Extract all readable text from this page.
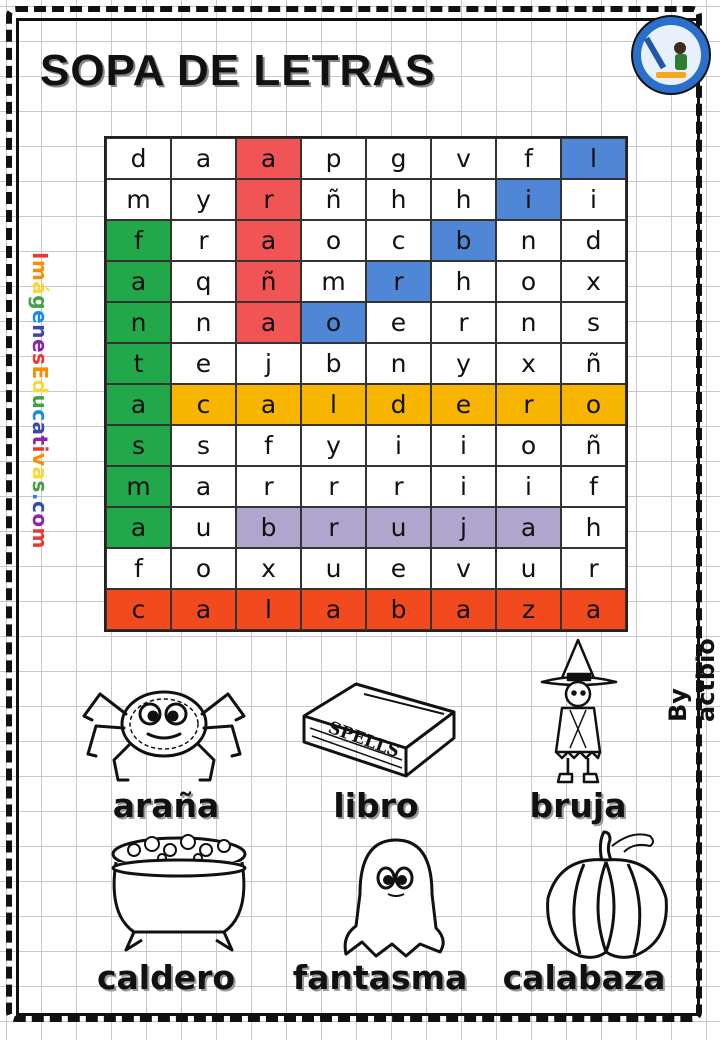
SOPA DE LETRAS
ImágenesEducativas.com
By actbio
d	a	a	p	g	v	f	l
m	y	r	ñ	h	h	i	i
f	r	a	o	c	b	n	d
a	q	ñ	m	r	h	o	x
n	n	a	o	e	r	n	s
t	e	j	b	n	y	x	ñ
a	c	a	l	d	e	r	o
s	s	f	y	i	i	o	ñ
m	a	r	r	r	i	i	f
a	u	b	r	u	j	a	h
f	o	x	u	e	v	u	r
c	a	l	a	b	a	z	a
SPELLS
araña	libro	bruja
caldero	fantasma	calabaza
